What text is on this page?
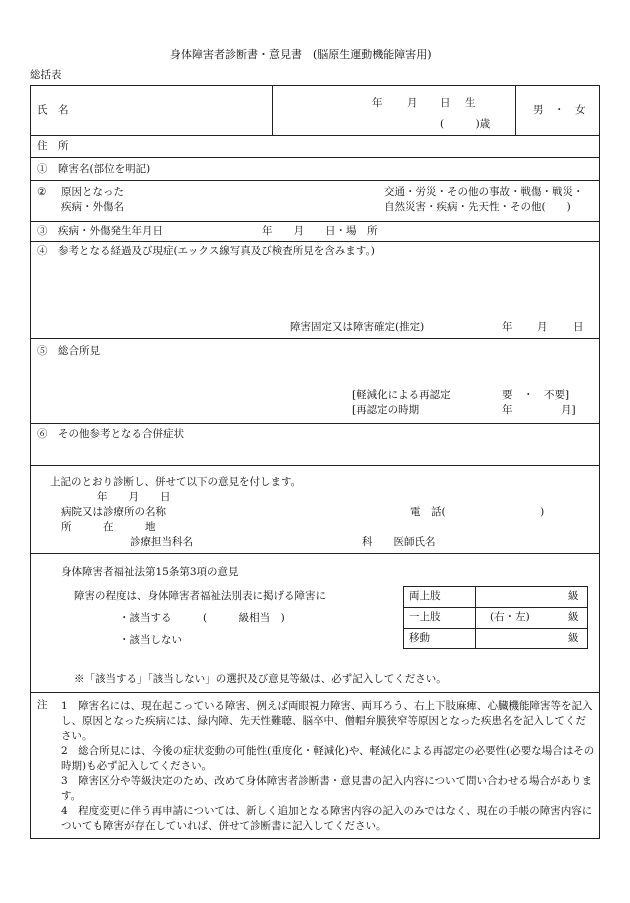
身体障害者診断書・意見書　(脳原生運動機能障害用)
総括表
氏　名
年 月 日 生
(　　　)歳
男　・　女
住　所
①　障害名(部位を明記)
② 原因となった
疾病・外傷名
交通・労災・その他の事故・戦傷・戦災・
自然災害・疾病・先天性・その他(　　)
③　疾病・外傷発生年月日	年　　月　　日・場　所
④　参考となる経過及び現症(エックス線写真及び検査所見を含みます。)
障害固定又は障害確定(推定)	年 月 日
⑤　総合所見
[軽減化による再認定	要　・　不要]
[再認定の時期	年	月]
⑥　その他参考となる合併症状
上記のとおり診断し、併せて以下の意見を付します。
年　　月　　日
病院又は診療所の名称	電　話(　　　　　　　　　)
所　　　在　　　地
診療担当科名	科　　医師氏名
身体障害者福祉法第15条第3項の意見
障害の程度は、身体障害者福祉法別表に掲げる障害に
・該当する　　　(　　　級相当　)
・該当しない
両上肢	級
一上肢	(右・左)	級
移動	級
※「該当する」「該当しない」の選択及び意見等級は、必ず記入してください。
注 1　障害名には、現在起こっている障害、例えば両眼視力障害、両耳ろう、右上下肢麻痺、心臓機能障害等を記入し、原因となった疾病には、緑内障、先天性難聴、脳卒中、僧帽弁膜狭窄等原因となった疾患名を記入してください。
2　総合所見には、今後の症状変動の可能性(重度化・軽減化)や、軽減化による再認定の必要性(必要な場合はその時期)も必ず記入してください。
3　障害区分や等級決定のため、改めて身体障害者診断書・意見書の記入内容について問い合わせる場合があります。
4　程度変更に伴う再申請については、新しく追加となる障害内容の記入のみではなく、現在の手帳の障害内容についても障害が存在していれば、併せて診断書に記入してください。
